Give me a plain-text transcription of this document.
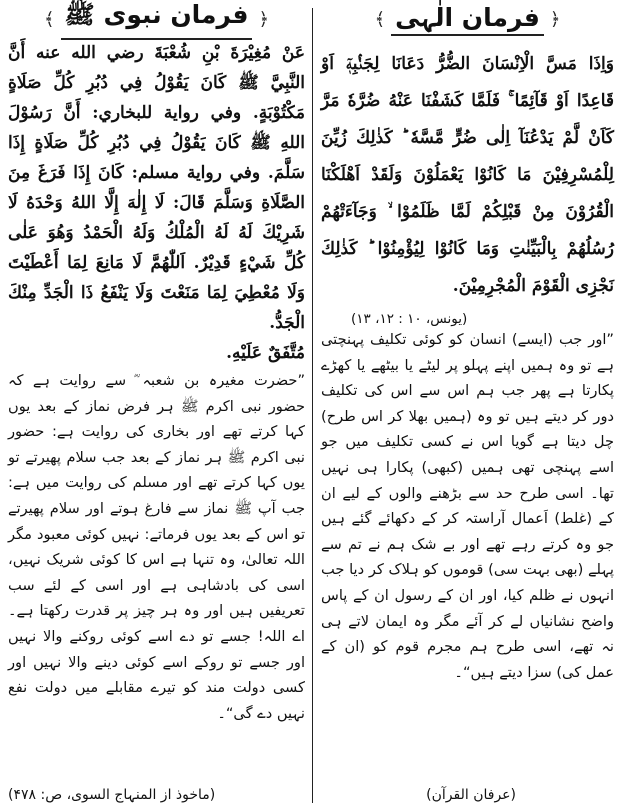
﴿
فرمان الٰہی
﴾
وَاِذَا مَسَّ الْاِنْسَانَ الضُّرُّ دَعَانَا لِجَنْۢبِهٖٓ اَوْ قَاعِدًا اَوْ قَآئِمًا ۚ فَلَمَّا كَشَفْنَا عَنْهُ ضُرَّهٗ مَرَّ كَاَنْ لَّمْ يَدْعُنَآ اِلٰى ضُرٍّ مَّسَّهٗ ؕ كَذٰلِكَ زُيِّنَ لِلْمُسْرِفِيْنَ مَا كَانُوْا يَعْمَلُوْنَ وَلَقَدْ اَهْلَكْنَا الْقُرُوْنَ مِنْ قَبْلِكُمْ لَمَّا ظَلَمُوْا ۙ وَجَآءَتْهُمْ رُسُلُهُمْ بِالْبَيِّنٰتِ وَمَا كَانُوْا لِيُؤْمِنُوْا ؕ كَذٰلِكَ نَجْزِى الْقَوْمَ الْمُجْرِمِيْنَ.
(یونس، ۱۰ : ۱۲، ۱۳)
”اور جب (ایسے) انسان کو کوئی تکلیف پہنچتی ہے تو وہ ہمیں اپنے پہلو پر لیٹے یا بیٹھے یا کھڑے پکارتا ہے پھر جب ہم اس سے اس کی تکلیف دور کر دیتے ہیں تو وہ (ہمیں بھلا کر اس طرح) چل دیتا ہے گویا اس نے کسی تکلیف میں جو اسے پہنچی تھی ہمیں (کبھی) پکارا ہی نہیں تھا۔ اسی طرح حد سے بڑھنے والوں کے لیے ان کے (غلط) اَعمال آراستہ کر کے دکھائے گئے ہیں جو وہ کرتے رہے تھے اور بے شک ہم نے تم سے پہلے (بھی بہت سی) قوموں کو ہلاک کر دیا جب انہوں نے ظلم کیا، اور ان کے رسول ان کے پاس واضح نشانیاں لے کر آئے مگر وہ ایمان لاتے ہی نہ تھے، اسی طرح ہم مجرم قوم کو (ان کے عمل کی) سزا دیتے ہیں“۔
(عرفان القرآن)
﴿
فرمان نبوی ﷺ
﴾
عَنْ مُغِيْرَةَ بْنِ شُعْبَةَ رضي الله عنه أَنَّ النَّبِيَّ ﷺ كَانَ يَقُوْلُ فِي دُبُرِ كُلِّ صَلَاةٍ مَكْتُوْبَةٍ. وفي رواية للبخاري: أَنَّ رَسُوْلَ اللهِ ﷺ كَانَ يَقُوْلُ فِي دُبُرِ كُلِّ صَلَاةٍ إِذَا سَلَّمَ. وفي رواية مسلم: كَانَ إِذَا فَرَغَ مِنَ الصَّلَاةِ وَسَلَّمَ قَالَ: لَا إِلٰهَ إِلَّا اللهُ وَحْدَهُ لَا شَرِيْكَ لَهُ لَهُ الْمُلْكُ وَلَهُ الْحَمْدُ وَهُوَ عَلٰى كُلِّ شَيْءٍ قَدِيْرٌ. اَللّٰهُمَّ لَا مَانِعَ لِمَا أَعْطَيْتَ وَلَا مُعْطِيَ لِمَا مَنَعْتَ وَلَا يَنْفَعُ ذَا الْجَدِّ مِنْكَ الْجَدُّ.
مُتَّفَقٌ عَلَيْهِ.
”حضرت مغیرہ بن شعبہ ؓ سے روایت ہے کہ حضور نبی اکرم ﷺ ہر فرض نماز کے بعد یوں کہا کرتے تھے اور بخاری کی روایت ہے: حضور نبی اکرم ﷺ ہر نماز کے بعد جب سلام پھیرتے تو یوں کہا کرتے تھے اور مسلم کی روایت میں ہے: جب آپ ﷺ نماز سے فارغ ہوتے اور سلام پھیرتے تو اس کے بعد یوں فرماتے: نہیں کوئی معبود مگر اللہ تعالیٰ، وہ تنہا ہے اس کا کوئی شریک نہیں، اسی کی بادشاہی ہے اور اسی کے لئے سب تعریفیں ہیں اور وہ ہر چیز پر قدرت رکھتا ہے۔ اے اللہ! جسے تو دے اسے کوئی روکنے والا نہیں اور جسے تو روکے اسے کوئی دینے والا نہیں اور کسی دولت مند کو تیرے مقابلے میں دولت نفع نہیں دے گی“۔
(ماخوذ از المنہاج السوی، ص: ۴۷۸)
